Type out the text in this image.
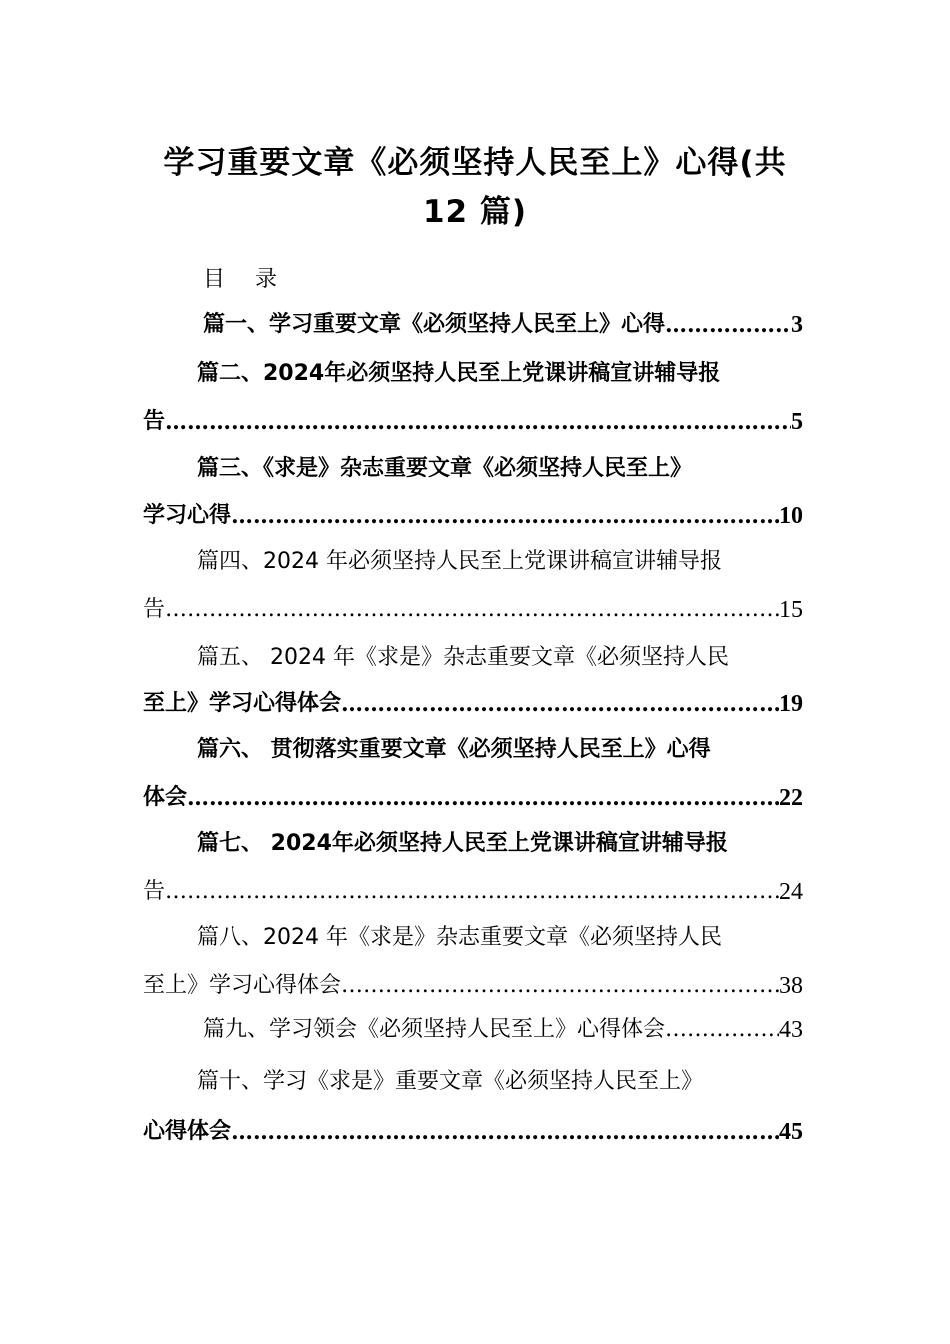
学习重要文章《必须坚持人民至上》心得(共
12 篇)
目 录
篇一、学习重要文章《必须坚持人民至上》心得 ………………………………………………………………………………………………………………………………………………………	3
篇二、2024年必须坚持人民至上党课讲稿宣讲辅导报
告 ………………………………………………………………………………………………………………………………………………………	5
篇三、《求是》杂志重要文章《必须坚持人民至上》
学习心得 ………………………………………………………………………………………………………………………………………………………	10
篇四、2024 年必须坚持人民至上党课讲稿宣讲辅导报
告 ………………………………………………………………………………………………………………………………………………………	15
篇五、 2024 年《求是》杂志重要文章《必须坚持人民
至上》学习心得体会 ………………………………………………………………………………………………………………………………………………………	19
篇六、 贯彻落实重要文章《必须坚持人民至上》心得
体会 ………………………………………………………………………………………………………………………………………………………	22
篇七、 2024年必须坚持人民至上党课讲稿宣讲辅导报
告 ………………………………………………………………………………………………………………………………………………………	24
篇八、2024 年《求是》杂志重要文章《必须坚持人民
至上》学习心得体会 ………………………………………………………………………………………………………………………………………………………	38
篇九、学习领会《必须坚持人民至上》心得体会 ………………………………………………………………………………………………………………………………………………………	43
篇十、学习《求是》重要文章《必须坚持人民至上》
心得体会 ………………………………………………………………………………………………………………………………………………………	45
